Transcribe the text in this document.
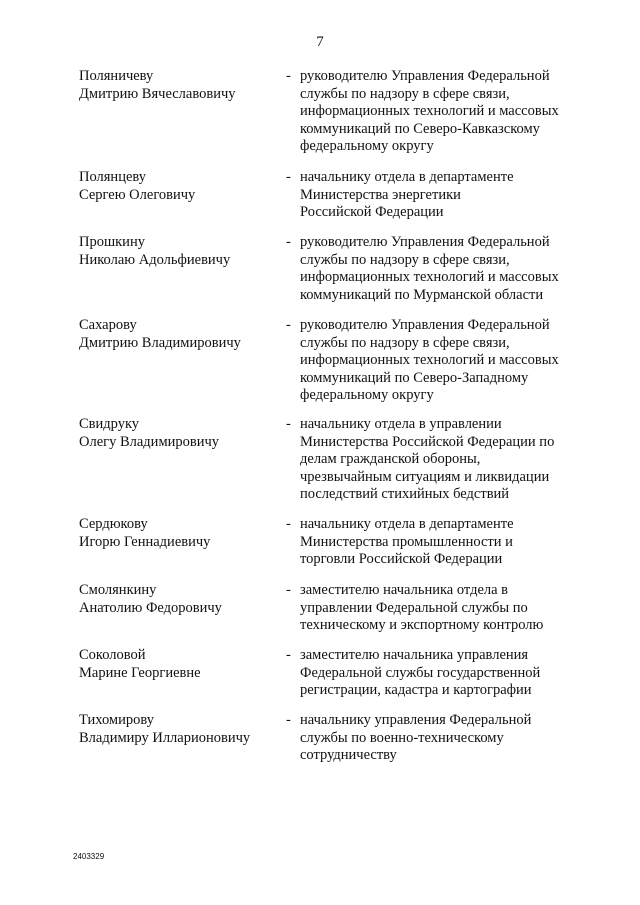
7
Поляничеву
Дмитрию Вячеславовичу
- руководителю Управления Федеральной
службы по надзору в сфере связи,
информационных технологий и массовых
коммуникаций по Северо-Кавказскому
федеральному округу
Полянцеву
Сергею Олеговичу
- начальнику отдела в департаменте
Министерства энергетики
Российской Федерации
Прошкину
Николаю Адольфиевичу
- руководителю Управления Федеральной
службы по надзору в сфере связи,
информационных технологий и массовых
коммуникаций по Мурманской области
Сахарову
Дмитрию Владимировичу
- руководителю Управления Федеральной
службы по надзору в сфере связи,
информационных технологий и массовых
коммуникаций по Северо-Западному
федеральному округу
Свидруку
Олегу Владимировичу
- начальнику отдела в управлении
Министерства Российской Федерации по
делам гражданской обороны,
чрезвычайным ситуациям и ликвидации
последствий стихийных бедствий
Сердюкову
Игорю Геннадиевичу
- начальнику отдела в департаменте
Министерства промышленности и
торговли Российской Федерации
Смолянкину
Анатолию Федоровичу
- заместителю начальника отдела в
управлении Федеральной службы по
техническому и экспортному контролю
Соколовой
Марине Георгиевне
- заместителю начальника управления
Федеральной службы государственной
регистрации, кадастра и картографии
Тихомирову
Владимиру Илларионовичу
- начальнику управления Федеральной
службы по военно-техническому
сотрудничеству
2403329
